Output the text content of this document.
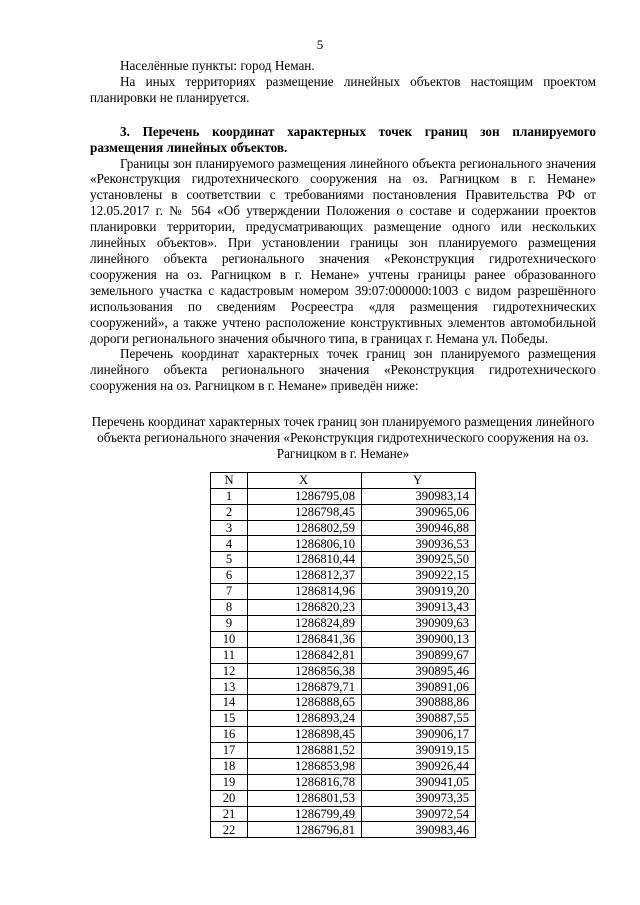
5

Населённые пункты: город Неман.

На иных территориях размещение линейных объектов настоящим проектом планировки не планируется.

3. Перечень координат характерных точек границ зон планируемого размещения линейных объектов.

Границы зон планируемого размещения линейного объекта регионального значения «Реконструкция гидротехнического сооружения на оз. Рагницком в г. Немане» установлены в соответствии с требованиями постановления Правительства РФ от 12.05.2017 г. № 564 «Об утверждении Положения о составе и содержании проектов планировки территории, предусматривающих размещение одного или нескольких линейных объектов». При установлении границы зон планируемого размещения линейного объекта регионального значения «Реконструкция гидротехнического сооружения на оз. Рагницком в г. Немане» учтены границы ранее образованного земельного участка с кадастровым номером 39:07:000000:1003 с видом разрешённого использования по сведениям Росреестра «для размещения гидротехнических сооружений», а также учтено расположение конструктивных элементов автомобильной дороги регионального значения обычного типа, в границах г. Немана ул. Победы.

Перечень координат характерных точек границ зон планируемого размещения линейного объекта регионального значения «Реконструкция гидротехнического сооружения на оз. Рагницком в г. Немане» приведён ниже:

Перечень координат характерных точек границ зон планируемого размещения линейного объекта регионального значения «Реконструкция гидротехнического сооружения на оз. Рагницком в г. Немане»

N	X	Y
1	1286795,08	390983,14
2	1286798,45	390965,06
3	1286802,59	390946,88
4	1286806,10	390936,53
5	1286810,44	390925,50
6	1286812,37	390922,15
7	1286814,96	390919,20
8	1286820,23	390913,43
9	1286824,89	390909,63
10	1286841,36	390900,13
11	1286842,81	390899,67
12	1286856,38	390895,46
13	1286879,71	390891,06
14	1286888,65	390888,86
15	1286893,24	390887,55
16	1286898,45	390906,17
17	1286881,52	390919,15
18	1286853,98	390926,44
19	1286816,78	390941,05
20	1286801,53	390973,35
21	1286799,49	390972,54
22	1286796,81	390983,46
